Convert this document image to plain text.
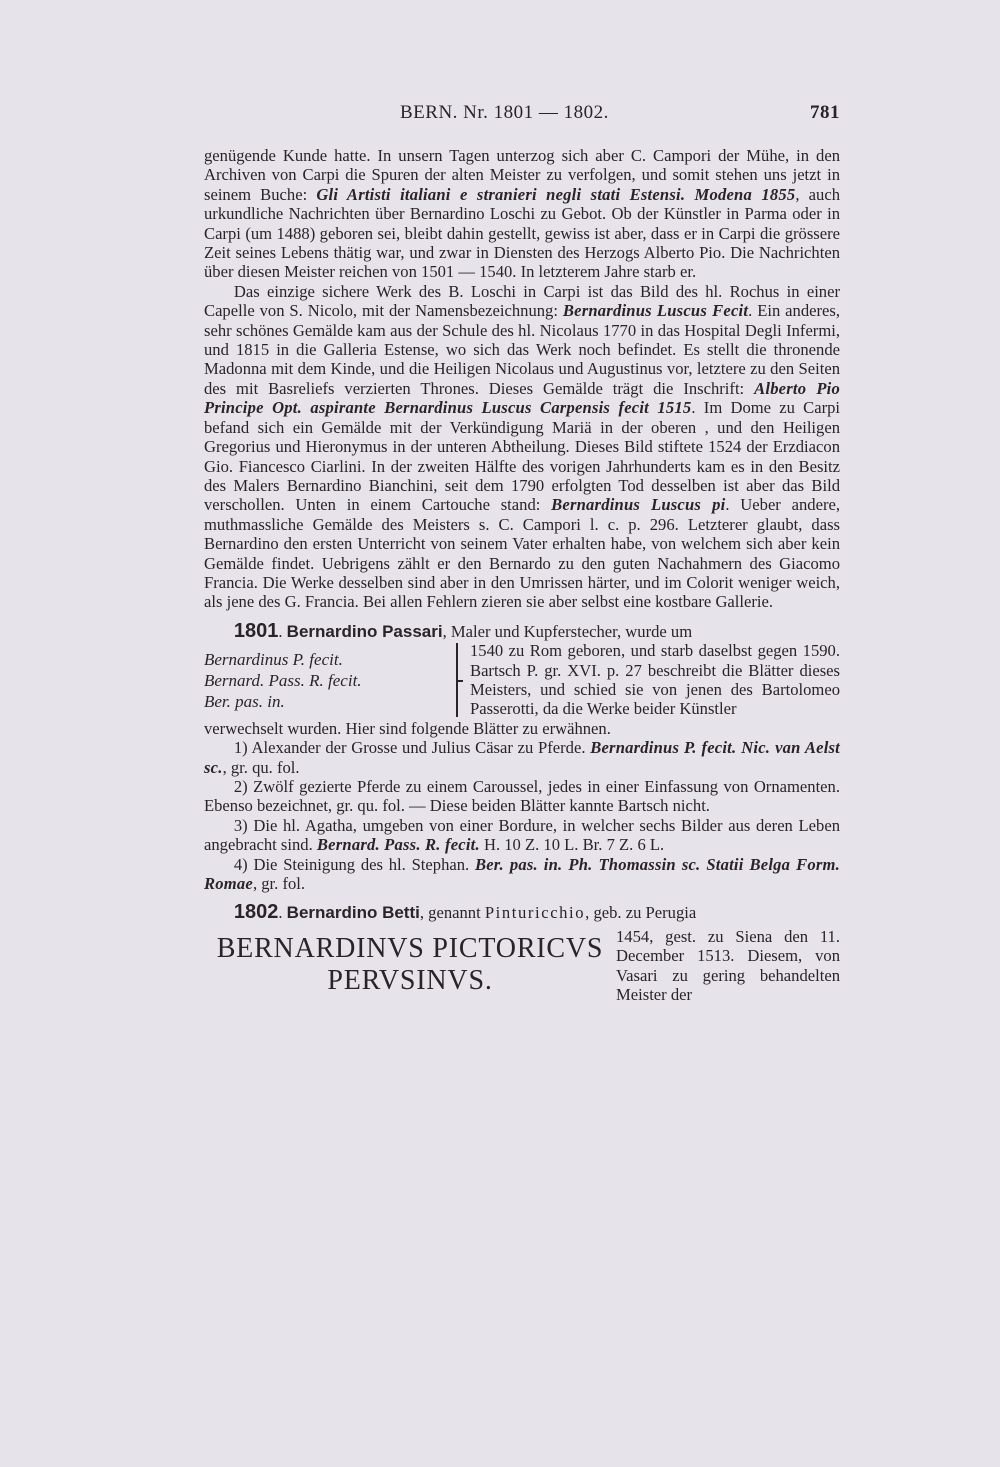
BERN. Nr. 1801 — 1802.	781

genügende Kunde hatte. In unsern Tagen unterzog sich aber C. Campori der Mühe, in den Archiven von Carpi die Spuren der alten Meister zu verfolgen, und somit stehen uns jetzt in seinem Buche: Gli Artisti italiani e stranieri negli stati Estensi. Modena 1855, auch urkundliche Nachrichten über Bernardino Loschi zu Gebot. Ob der Künstler in Parma oder in Carpi (um 1488) geboren sei, bleibt dahin gestellt, gewiss ist aber, dass er in Carpi die grössere Zeit seines Lebens thätig war, und zwar in Diensten des Herzogs Alberto Pio. Die Nachrichten über diesen Meister reichen von 1501 — 1540. In letzterem Jahre starb er.

Das einzige sichere Werk des B. Loschi in Carpi ist das Bild des hl. Rochus in einer Capelle von S. Nicolo, mit der Namensbezeichnung: Bernardinus Luscus Fecit. Ein anderes, sehr schönes Gemälde kam aus der Schule des hl. Nicolaus 1770 in das Hospital Degli Infermi, und 1815 in die Galleria Estense, wo sich das Werk noch befindet. Es stellt die thronende Madonna mit dem Kinde, und die Heiligen Nicolaus und Augustinus vor, letztere zu den Seiten des mit Basreliefs verzierten Thrones. Dieses Gemälde trägt die Inschrift: Alberto Pio Principe Opt. aspirante Bernardinus Luscus Carpensis fecit 1515. Im Dome zu Carpi befand sich ein Gemälde mit der Verkündigung Mariä in der oberen , und den Heiligen Gregorius und Hieronymus in der unteren Abtheilung. Dieses Bild stiftete 1524 der Erzdiacon Gio. Fiancesco Ciarlini. In der zweiten Hälfte des vorigen Jahrhunderts kam es in den Besitz des Malers Bernardino Bianchini, seit dem 1790 erfolgten Tod desselben ist aber das Bild verschollen. Unten in einem Cartouche stand: Bernardinus Luscus pi. Ueber andere, muthmassliche Gemälde des Meisters s. C. Campori l. c. p. 296. Letzterer glaubt, dass Bernardino den ersten Unterricht von seinem Vater erhalten habe, von welchem sich aber kein Gemälde findet. Uebrigens zählt er den Bernardo zu den guten Nachahmern des Giacomo Francia. Die Werke desselben sind aber in den Umrissen härter, und im Colorit weniger weich, als jene des G. Francia. Bei allen Fehlern zieren sie aber selbst eine kostbare Gallerie.

1801. Bernardino Passari, Maler und Kupferstecher, wurde um

Bernardinus P. fecit.
Bernard. Pass. R. fecit.
Ber. pas. in.
1540 zu Rom geboren, und starb daselbst gegen 1590. Bartsch P. gr. XVI. p. 27 beschreibt die Blätter dieses Meisters, und schied sie von jenen des Bartolomeo Passerotti, da die Werke beider Künstler

verwechselt wurden. Hier sind folgende Blätter zu erwähnen.

1) Alexander der Grosse und Julius Cäsar zu Pferde. Bernardinus P. fecit. Nic. van Aelst sc., gr. qu. fol.

2) Zwölf gezierte Pferde zu einem Caroussel, jedes in einer Einfassung von Ornamenten. Ebenso bezeichnet, gr. qu. fol. — Diese beiden Blätter kannte Bartsch nicht.

3) Die hl. Agatha, umgeben von einer Bordure, in welcher sechs Bilder aus deren Leben angebracht sind. Bernard. Pass. R. fecit. H. 10 Z. 10 L. Br. 7 Z. 6 L.

4) Die Steinigung des hl. Stephan. Ber. pas. in. Ph. Thomassin sc. Statii Belga Form. Romae, gr. fol.

1802. Bernardino Betti, genannt Pinturicchio, geb. zu Perugia

BERNARDINVS PICTORICVS
PERVSINVS.
1454, gest. zu Siena den 11. December 1513. Diesem, von Vasari zu gering behandelten Meister der
